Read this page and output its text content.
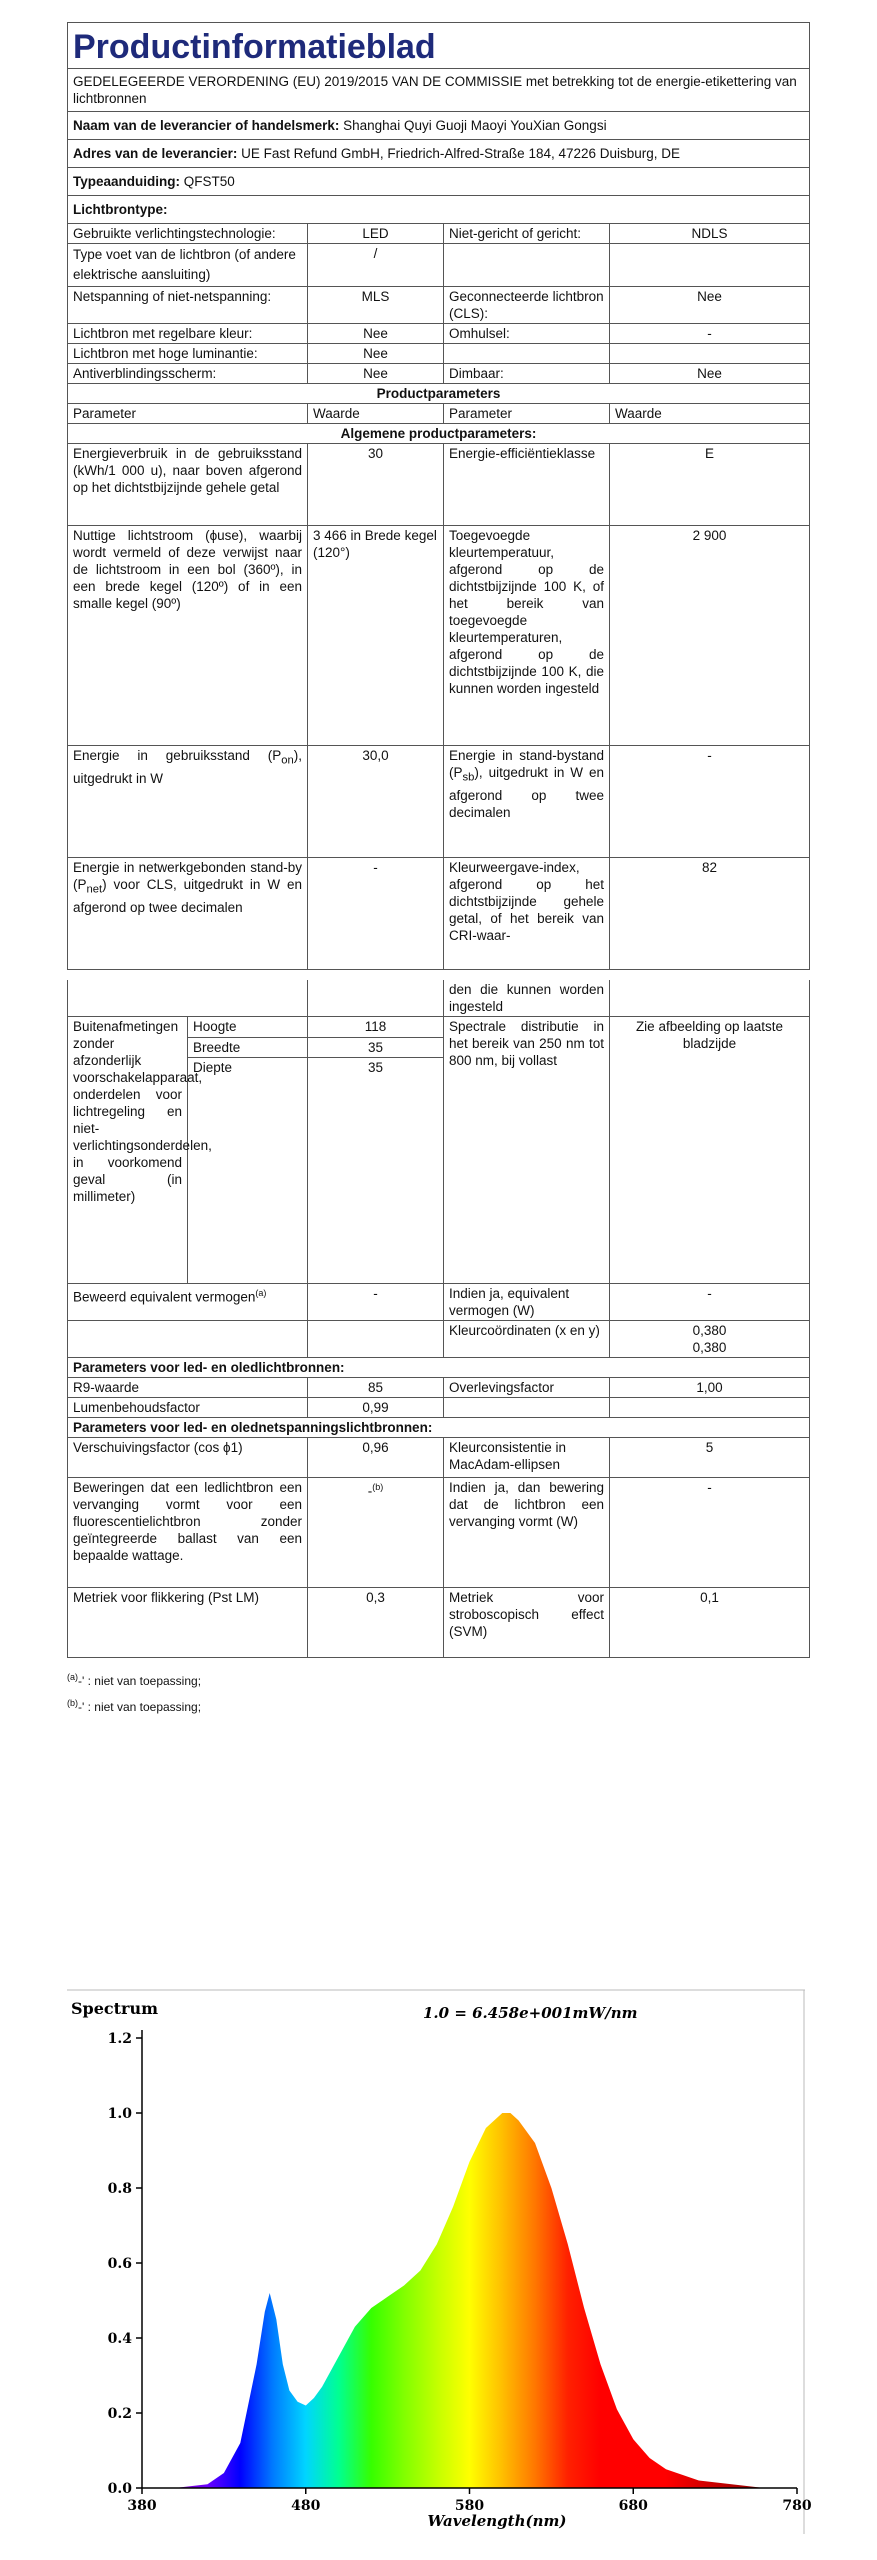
Productinformatieblad			
GEDELEGEERDE VERORDENING (EU) 2019/2015 VAN DE COMMISSIE met betrekking tot de energie-etikettering van lichtbronnen			
Naam van de leverancier of handelsmerk: Shanghai Quyi Guoji Maoyi YouXian Gongsi			
Adres van de leverancier: UE Fast Refund GmbH, Friedrich-Alfred-Straße 184, 47226 Duisburg, DE			
Typeaanduiding: QFST50			
Lichtbrontype:			
Gebruikte verlichtingstechnologie:	LED	Niet-gericht of gericht:	NDLS
Type voet van de lichtbron (of andere elektrische aansluiting)	/		
Netspanning of niet-netspanning:	MLS	Geconnecteerde lichtbron (CLS):	Nee
Lichtbron met regelbare kleur:	Nee	Omhulsel:	-
Lichtbron met hoge luminantie:	Nee		
Antiverblindingsscherm:	Nee	Dimbaar:	Nee
Productparameters			
Parameter	Waarde	Parameter	Waarde
Algemene productparameters:			
Energieverbruik in de gebruiksstand (kWh/1 000 u), naar boven afgerond op het dichtstbijzijnde gehele getal	30	Energie-efficiëntieklasse	E
Nuttige lichtstroom (ϕuse), waarbij wordt vermeld of deze verwijst naar de lichtstroom in een bol (360º), in een brede kegel (120º) of in een smalle kegel (90º)	3 466 in Brede kegel (120°)	Toegevoegde kleurtemperatuur, afgerond op de dichtstbijzijnde 100 K, of het bereik van toegevoegde kleurtemperaturen, afgerond op de dichtstbijzijnde 100 K, die kunnen worden ingesteld	2 900
Energie in gebruiksstand $(P_{on})$, uitgedrukt in W	30,0	Energie in stand-bystand $(P_{sb})$, uitgedrukt in W en afgerond op twee decimalen	-
Energie in netwerkgebonden stand-by $(P_{net})$ voor CLS, uitgedrukt in W en afgerond op twee decimalen	-	Kleurweergave-index, afgerond op het dichtstbijzijnde gehele getal, of het bereik van CRI-waar-	82
			den die kunnen worden ingesteld	
Buitenafmetingen zonder afzonderlijk voorschakelapparaat, onderdelen voor lichtregeling en niet-verlichtingsonderdelen, in voorkomend geval (in millimeter)	Hoogte	118	Spectrale distributie in het bereik van 250 nm tot 800 nm, bij vollast	Zie afbeelding op laatste bladzijde
	Breedte	35		
	Diepte	35		
Beweerd equivalent vermogen$^{(a)}$		-	Indien ja, equivalent vermogen (W)	-
			Kleurcoördinaten (x en y)	0,380
0,380
Parameters voor led- en oledlichtbronnen:				
R9-waarde		85	Overlevingsfactor	1,00
Lumenbehoudsfactor		0,99		
Parameters voor led- en olednetspanningslichtbronnen:				
Verschuivingsfactor (cos ϕ1)		0,96	Kleurconsistentie in MacAdam-ellipsen	5
Beweringen dat een ledlichtbron een vervanging vormt voor een fluorescentielichtbron zonder geïntegreerde ballast van een bepaalde wattage.		-$^{(b)}$	Indien ja, dan bewering dat de lichtbron een vervanging vormt (W)	-
Metriek voor flikkering (Pst LM)		0,3	Metriek voor stroboscopisch effect (SVM)	0,1
$^{(a)}$-' : niet van toepassing;
$^{(b)}$-' : niet van toepassing;
Spectrum	1.0 = 6.458e+001mW/nm
0.0
0.2
0.4
0.6
0.8
1.0
1.2
380	480	580	680	780
Wavelength(nm)
